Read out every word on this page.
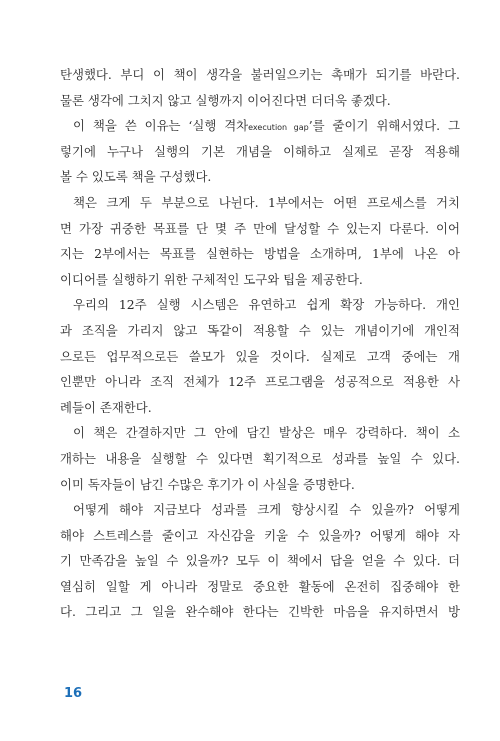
탄생했다. 부디 이 책이 생각을 불러일으키는 촉매가 되기를 바란다.
물론 생각에 그치지 않고 실행까지 이어진다면 더더욱 좋겠다.
이 책을 쓴 이유는 ‘실행 격차execution gap’를 줄이기 위해서였다. 그
렇기에 누구나 실행의 기본 개념을 이해하고 실제로 곧장 적용해
볼 수 있도록 책을 구성했다.
책은 크게 두 부분으로 나뉜다. 1부에서는 어떤 프로세스를 거치
면 가장 귀중한 목표를 단 몇 주 만에 달성할 수 있는지 다룬다. 이어
지는 2부에서는 목표를 실현하는 방법을 소개하며, 1부에 나온 아
이디어를 실행하기 위한 구체적인 도구와 팁을 제공한다.
우리의 12주 실행 시스템은 유연하고 쉽게 확장 가능하다. 개인
과 조직을 가리지 않고 똑같이 적용할 수 있는 개념이기에 개인적
으로든 업무적으로든 쓸모가 있을 것이다. 실제로 고객 중에는 개
인뿐만 아니라 조직 전체가 12주 프로그램을 성공적으로 적용한 사
례들이 존재한다.
이 책은 간결하지만 그 안에 담긴 발상은 매우 강력하다. 책이 소
개하는 내용을 실행할 수 있다면 획기적으로 성과를 높일 수 있다.
이미 독자들이 남긴 수많은 후기가 이 사실을 증명한다.
어떻게 해야 지금보다 성과를 크게 향상시킬 수 있을까? 어떻게
해야 스트레스를 줄이고 자신감을 키울 수 있을까? 어떻게 해야 자
기 만족감을 높일 수 있을까? 모두 이 책에서 답을 얻을 수 있다. 더
열심히 일할 게 아니라 정말로 중요한 활동에 온전히 집중해야 한
다. 그리고 그 일을 완수해야 한다는 긴박한 마음을 유지하면서 방
16
